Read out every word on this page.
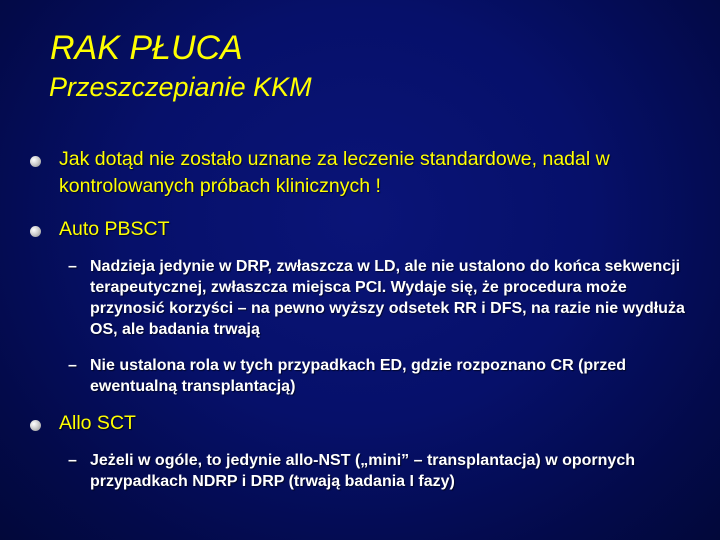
RAK PŁUCA
Przeszczepianie KKM
Jak dotąd nie zostało uznane za leczenie standardowe, nadal w kontrolowanych próbach klinicznych !
Auto PBSCT
– Nadzieja jedynie w DRP, zwłaszcza w LD, ale nie ustalono do końca sekwencji terapeutycznej, zwłaszcza miejsca PCI. Wydaje się, że procedura może przynosić korzyści – na pewno wyższy odsetek RR i DFS, na razie nie wydłuża OS, ale badania trwają
– Nie ustalona rola w tych przypadkach ED, gdzie rozpoznano CR (przed ewentualną transplantacją)
Allo SCT
– Jeżeli w ogóle, to jedynie allo-NST („mini” – transplantacja) w opornych przypadkach NDRP i DRP (trwają badania I fazy)
